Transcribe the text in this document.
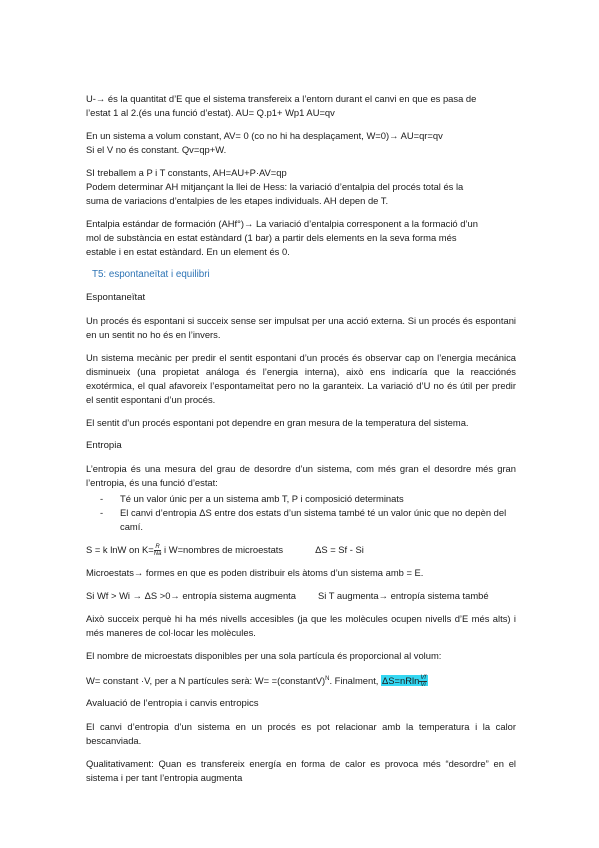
U-→ és la quantitat d’E que el sistema transfereix a l’entorn durant el canvi en que es pasa de
l’estat 1 al 2.(és una funció d’estat). AU= Q.p1+ Wp1 AU=qv
En un sistema a volum constant, AV= 0 (co no hi ha desplaçament, W=0)→ AU=qr=qv
Si el V no és constant. Qv=qp+W.
SI treballem a P i T constants, AH=AU+P·AV=qp
Podem determinar AH mitjançant la llei de Hess: la variació d’entalpia del procés total és la
suma de variacions d’entalpies de les etapes individuals. AH depen de T.
Entalpia estándar de formación (AHf°)→ La variació d’entalpia corresponent a la formació d’un
mol de substància en estat estàndard (1 bar) a partir dels elements en la seva forma més
estable i en estat estàndard. En un element és 0.
T5: espontaneïtat i equilibri
Espontaneïtat
Un procés és espontani si succeix sense ser impulsat per una acció externa. Si un procés és espontani en un sentit no ho és en l’invers.
Un sistema mecànic per predir el sentit espontani d’un procés és observar cap on l’energia mecánica disminueix (una propietat análoga és l’energia interna), això ens indicaría que la reacciónés exotérmica, el qual afavoreix l’espontameïtat pero no la garanteix. La variació d’U no és útil per predir el sentit espontani d’un procés.
El sentit d’un procés espontani pot dependre en gran mesura de la temperatura del sistema.
Entropia
L’entropia és una mesura del grau de desordre d’un sistema, com més gran el desordre més gran l’entropia, és una funció d’estat:
- Té un valor únic per a un sistema amb T, P i composició determinats
- El canvi d’entropia ΔS entre dos estats d’un sistema també té un valor únic que no depèn del camí.
S = k lnW on $K= \frac{R}{Na}$ i W=nombres de microestats	ΔS = Sf - Si
Microestats→ formes en que es poden distribuir els àtoms d’un sistema amb = E.
Si Wf > Wi → ΔS >0→ entropía sistema augmenta Si T augmenta→ entropía sistema també
Això succeix perquè hi ha més nivells accesibles (ja que les molècules ocupen nivells d’E més alts) i més maneres de col·locar les molècules.
El nombre de microestats disponibles per una sola partícula és proporcional al volum:
W= constant ·V, per a N partícules serà: W= =(constantV)$^N$. Finalment, $\Delta S=nRln \frac{Vf}{Vi}$
Avaluació de l’entropia i canvis entropics
El canvi d’entropia d’un sistema en un procés es pot relacionar amb la temperatura i la calor bescanviada.
Qualitativament: Quan es transfereix energía en forma de calor es provoca més “desordre” en el sistema i per tant l’entropia augmenta
